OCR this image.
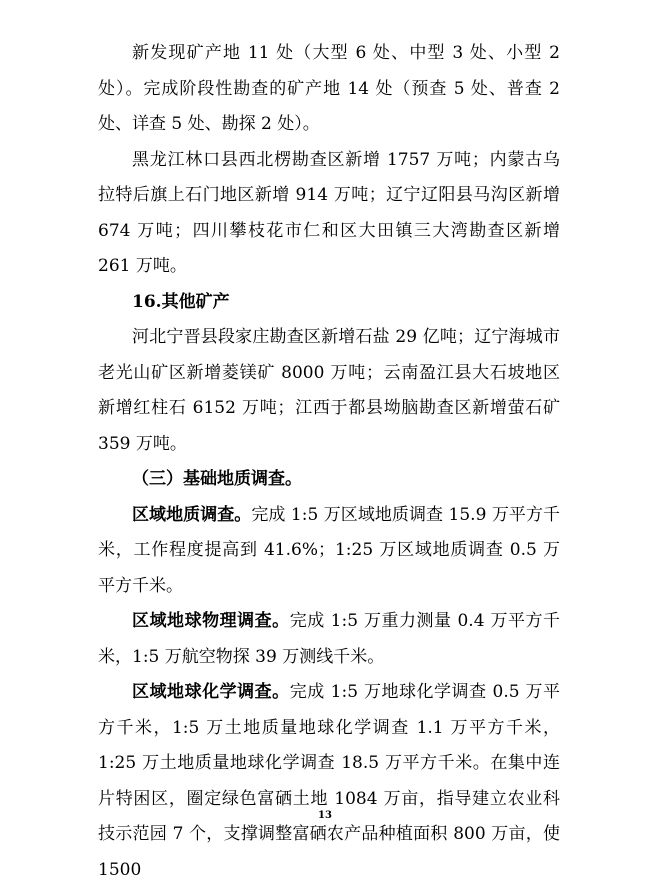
新发现矿产地 11 处（大型 6 处、中型 3 处、小型 2 处）。完成阶段性勘查的矿产地 14 处（预查 5 处、普查 2 处、详查 5 处、勘探 2 处）。

黑龙江林口县西北楞勘查区新增 1757 万吨；内蒙古乌拉特后旗上石门地区新增 914 万吨；辽宁辽阳县马沟区新增 674 万吨；四川攀枝花市仁和区大田镇三大湾勘查区新增 261 万吨。

16.其他矿产

河北宁晋县段家庄勘查区新增石盐 29 亿吨；辽宁海城市老光山矿区新增菱镁矿 8000 万吨；云南盈江县大石坡地区新增红柱石 6152 万吨；江西于都县坳脑勘查区新增萤石矿 359 万吨。

（三）基础地质调查。

区域地质调查。完成 1:5 万区域地质调查 15.9 万平方千米，工作程度提高到 41.6%；1:25 万区域地质调查 0.5 万平方千米。

区域地球物理调查。完成 1:5 万重力测量 0.4 万平方千米，1:5 万航空物探 39 万测线千米。

区域地球化学调查。完成 1:5 万地球化学调查 0.5 万平方千米，1:5 万土地质量地球化学调查 1.1 万平方千米，1:25 万土地质量地球化学调查 18.5 万平方千米。在集中连片特困区，圈定绿色富硒土地 1084 万亩，指导建立农业科技示范园 7 个，支撑调整富硒农产品种植面积 800 万亩，使 1500

13
